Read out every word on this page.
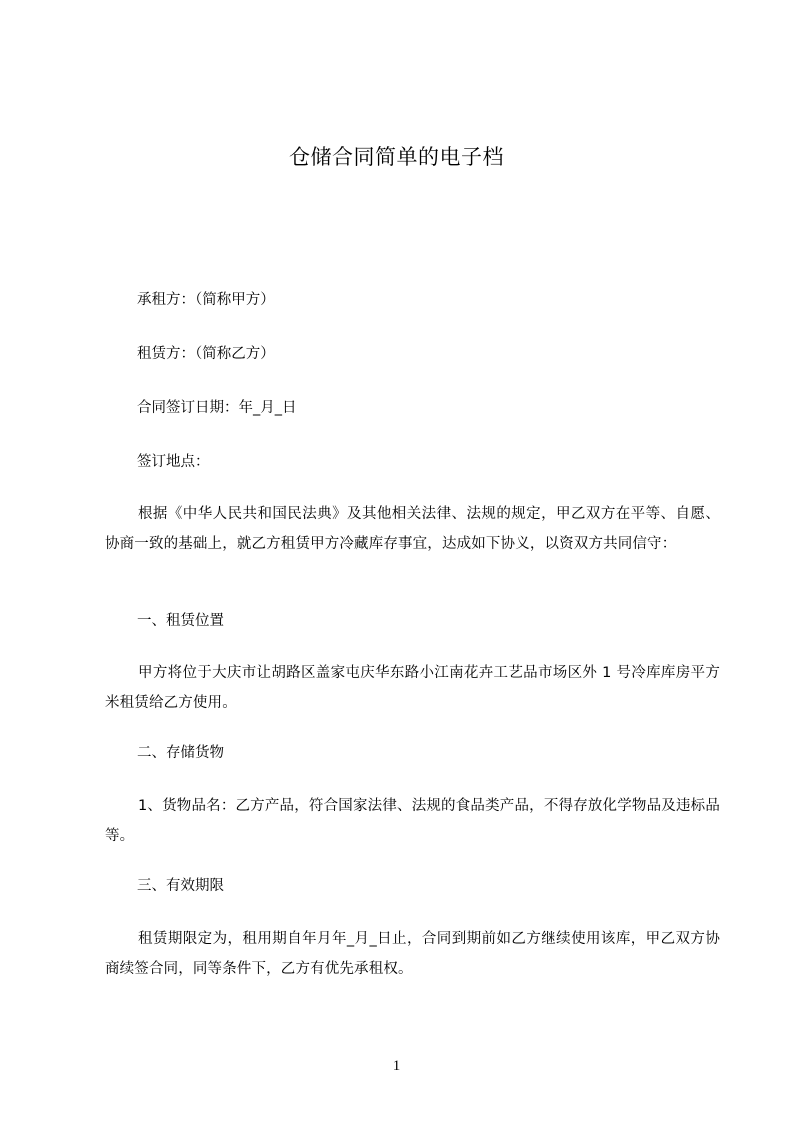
仓储合同简单的电子档
承租方：（简称甲方）
租赁方：（简称乙方）
合同签订日期：年_月_日
签订地点：
根据《中华人民共和国民法典》及其他相关法律、法规的规定，甲乙双方在平等、自愿、协商一致的基础上，就乙方租赁甲方冷藏库存事宜，达成如下协义，以资双方共同信守：
一、租赁位置
甲方将位于大庆市让胡路区盖家屯庆华东路小江南花卉工艺品市场区外 1 号冷库库房平方米租赁给乙方使用。
二、存储货物
1、货物品名：乙方产品，符合国家法律、法规的食品类产品，不得存放化学物品及违标品等。
三、有效期限
租赁期限定为，租用期自年月年_月_日止，合同到期前如乙方继续使用该库，甲乙双方协商续签合同，同等条件下，乙方有优先承租权。
1
